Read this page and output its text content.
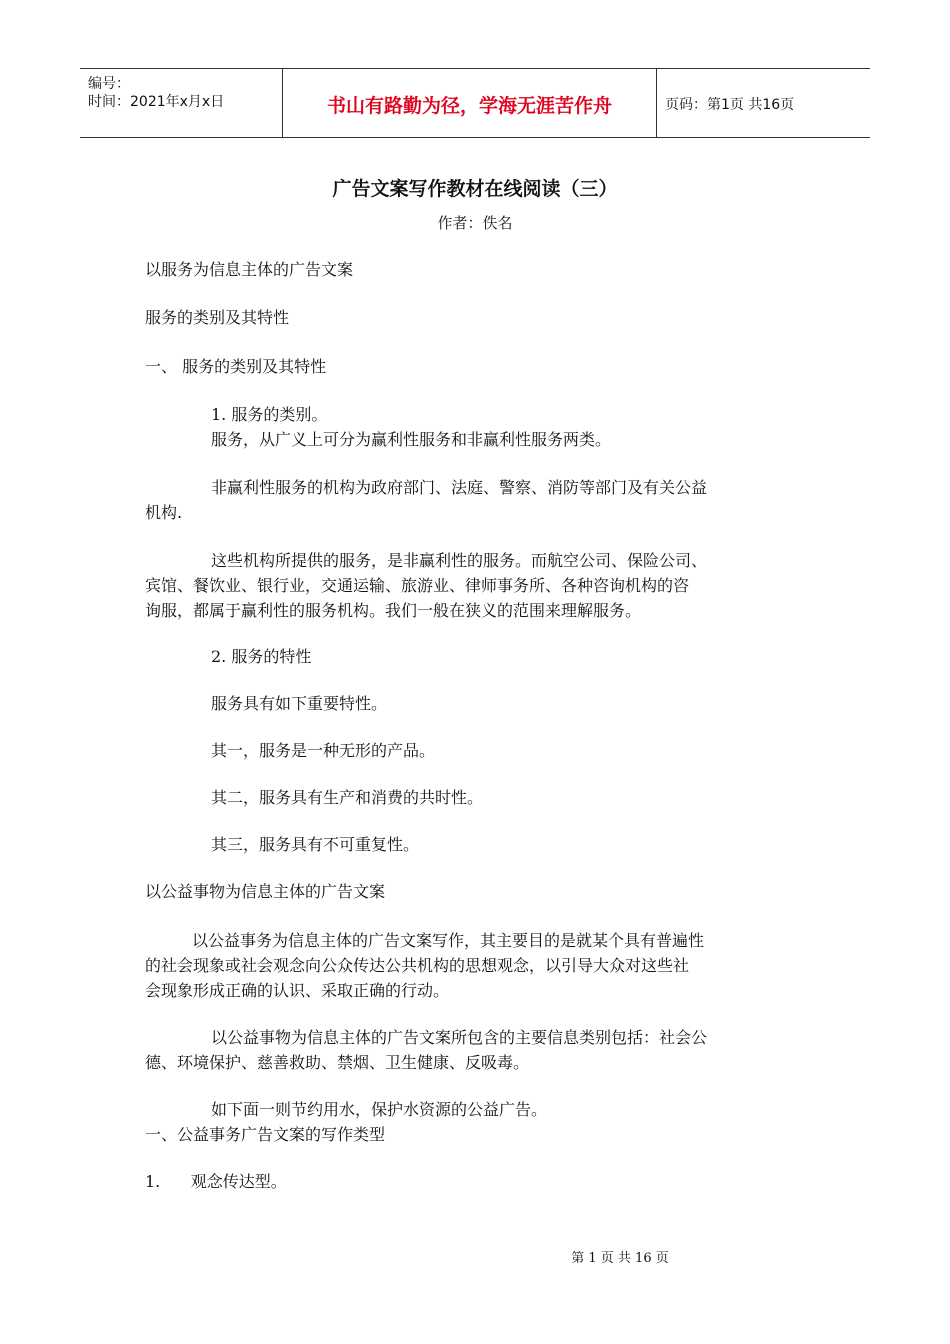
编号：
时间：2021年x月x日	书山有路勤为径，学海无涯苦作舟	页码：第1页 共16页
广告文案写作教材在线阅读（三）
作者：佚名
以服务为信息主体的广告文案
服务的类别及其特性
一、 服务的类别及其特性
1. 服务的类别。
服务，从广义上可分为赢利性服务和非赢利性服务两类。
非赢利性服务的机构为政府部门、法庭、警察、消防等部门及有关公益
机构.
这些机构所提供的服务，是非赢利性的服务。而航空公司、保险公司、
宾馆、餐饮业、银行业，交通运输、旅游业、律师事务所、各种咨询机构的咨
询服，都属于赢利性的服务机构。我们一般在狭义的范围来理解服务。
2. 服务的特性
服务具有如下重要特性。
其一，服务是一种无形的产品。
其二，服务具有生产和消费的共时性。
其三，服务具有不可重复性。
以公益事物为信息主体的广告文案
以公益事务为信息主体的广告文案写作，其主要目的是就某个具有普遍性
的社会现象或社会观念向公众传达公共机构的思想观念，以引导大众对这些社
会现象形成正确的认识、采取正确的行动。
以公益事物为信息主体的广告文案所包含的主要信息类别包括：社会公
德、环境保护、慈善救助、禁烟、卫生健康、反吸毒。
如下面一则节约用水，保护水资源的公益广告。
一、公益事务广告文案的写作类型
1.      观念传达型。
第 1 页 共 16 页
